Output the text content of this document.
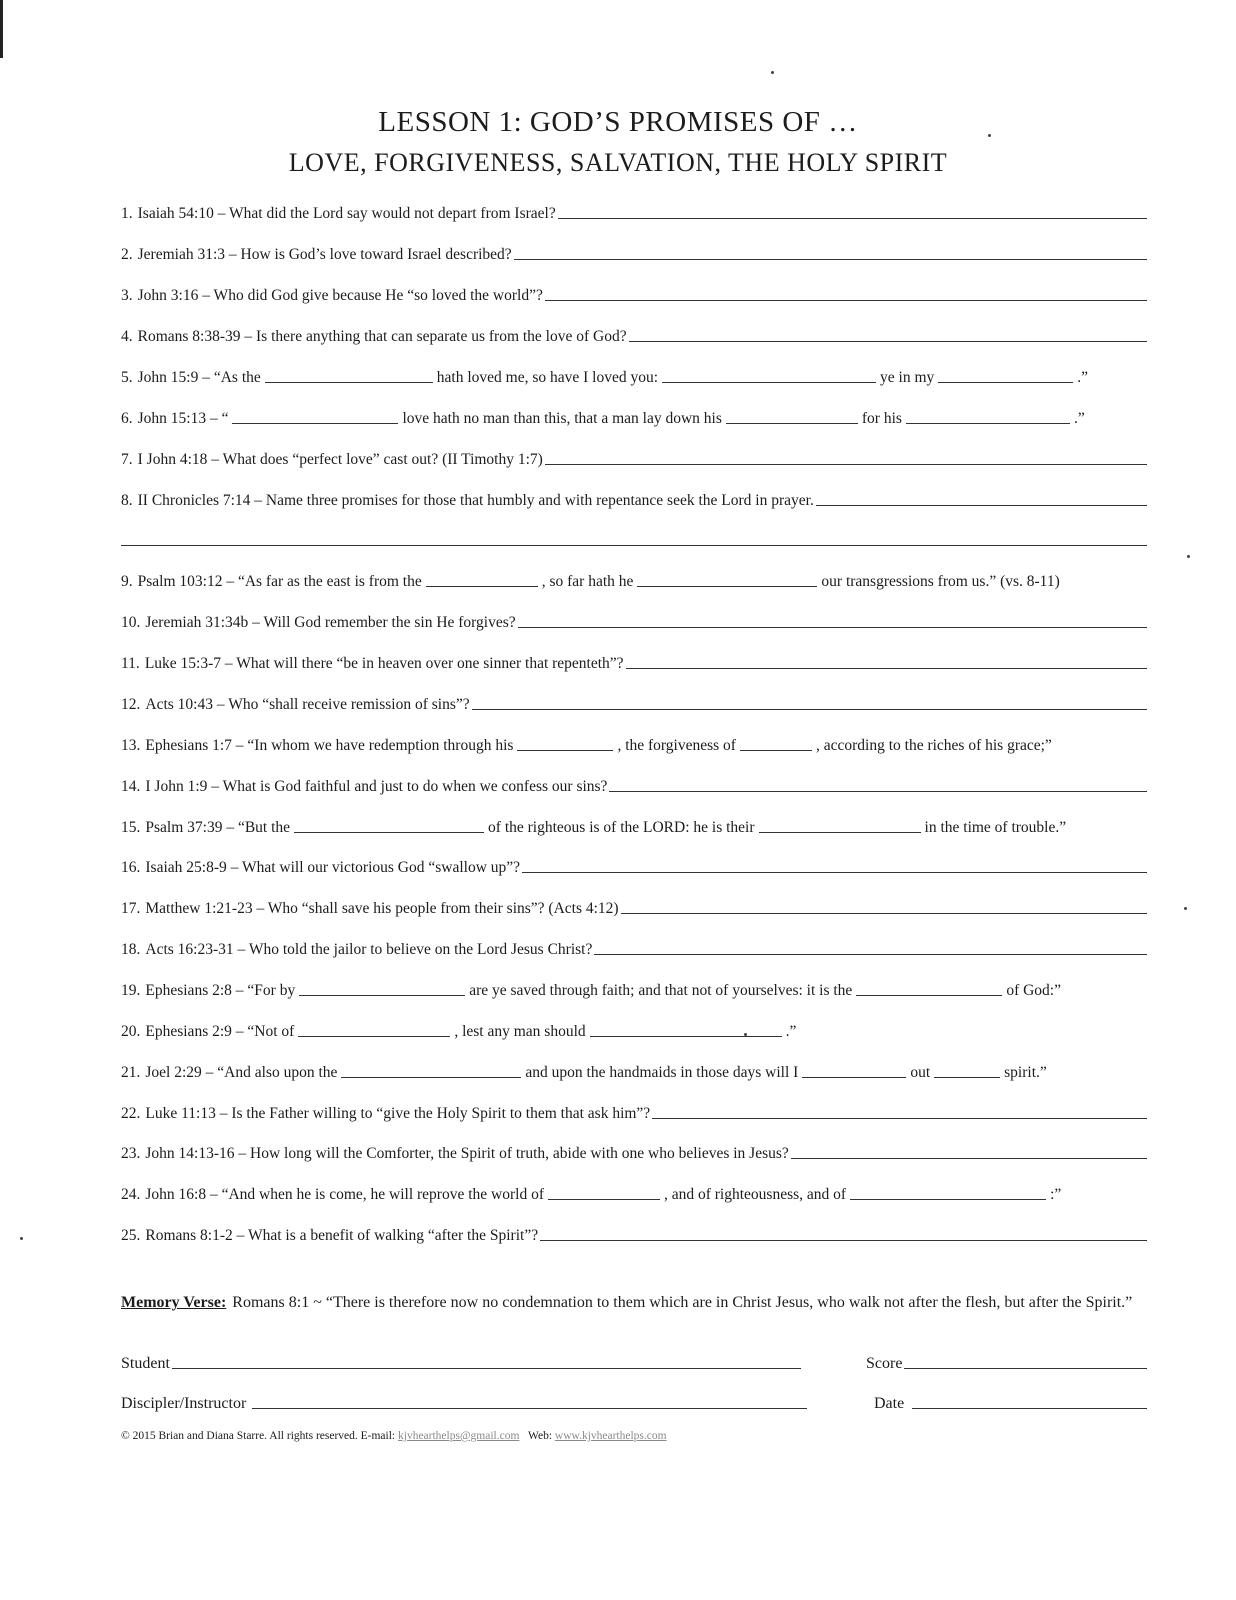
LESSON 1: GOD’S PROMISES OF …
LOVE, FORGIVENESS, SALVATION, THE HOLY SPIRIT
1. Isaiah 54:10 – What did the Lord say would not depart from Israel?
2. Jeremiah 31:3 – How is God’s love toward Israel described?
3. John 3:16 – Who did God give because He “so loved the world”?
4. Romans 8:38-39 – Is there anything that can separate us from the love of God?
5. John 15:9 – “As the	hath loved me, so have I loved you:	ye in my	.”
6. John 15:13 – “	love hath no man than this, that a man lay down his	for his	.”
7. I John 4:18 – What does “perfect love” cast out? (II Timothy 1:7)
8. II Chronicles 7:14 – Name three promises for those that humbly and with repentance seek the Lord in prayer.
9. Psalm 103:12 – “As far as the east is from the	, so far hath he	our transgressions from us.” (vs. 8-11)
10. Jeremiah 31:34b – Will God remember the sin He forgives?
11. Luke 15:3-7 – What will there “be in heaven over one sinner that repenteth”?
12. Acts 10:43 – Who “shall receive remission of sins”?
13. Ephesians 1:7 – “In whom we have redemption through his	, the forgiveness of	, according to the riches of his grace;”
14. I John 1:9 – What is God faithful and just to do when we confess our sins?
15. Psalm 37:39 – “But the	of the righteous is of the LORD: he is their	in the time of trouble.”
16. Isaiah 25:8-9 – What will our victorious God “swallow up”?
17. Matthew 1:21-23 – Who “shall save his people from their sins”? (Acts 4:12)
18. Acts 16:23-31 – Who told the jailor to believe on the Lord Jesus Christ?
19. Ephesians 2:8 – “For by	are ye saved through faith; and that not of yourselves: it is the	of God:”
20. Ephesians 2:9 – “Not of	, lest any man should	.”
21. Joel 2:29 – “And also upon the	and upon the handmaids in those days will I	out	spirit.”
22. Luke 11:13 – Is the Father willing to “give the Holy Spirit to them that ask him”?
23. John 14:13-16 – How long will the Comforter, the Spirit of truth, abide with one who believes in Jesus?
24. John 16:8 – “And when he is come, he will reprove the world of	, and of righteousness, and of	:”
25. Romans 8:1-2 – What is a benefit of walking “after the Spirit”?
Memory Verse: Romans 8:1 ~ “There is therefore now no condemnation to them which are in Christ Jesus, who walk not after the flesh, but after the Spirit.”
Student	Score
Discipler/Instructor	Date
© 2015 Brian and Diana Starre. All rights reserved. E-mail: kjvhearthelps@gmail.com Web: www.kjvhearthelps.com
